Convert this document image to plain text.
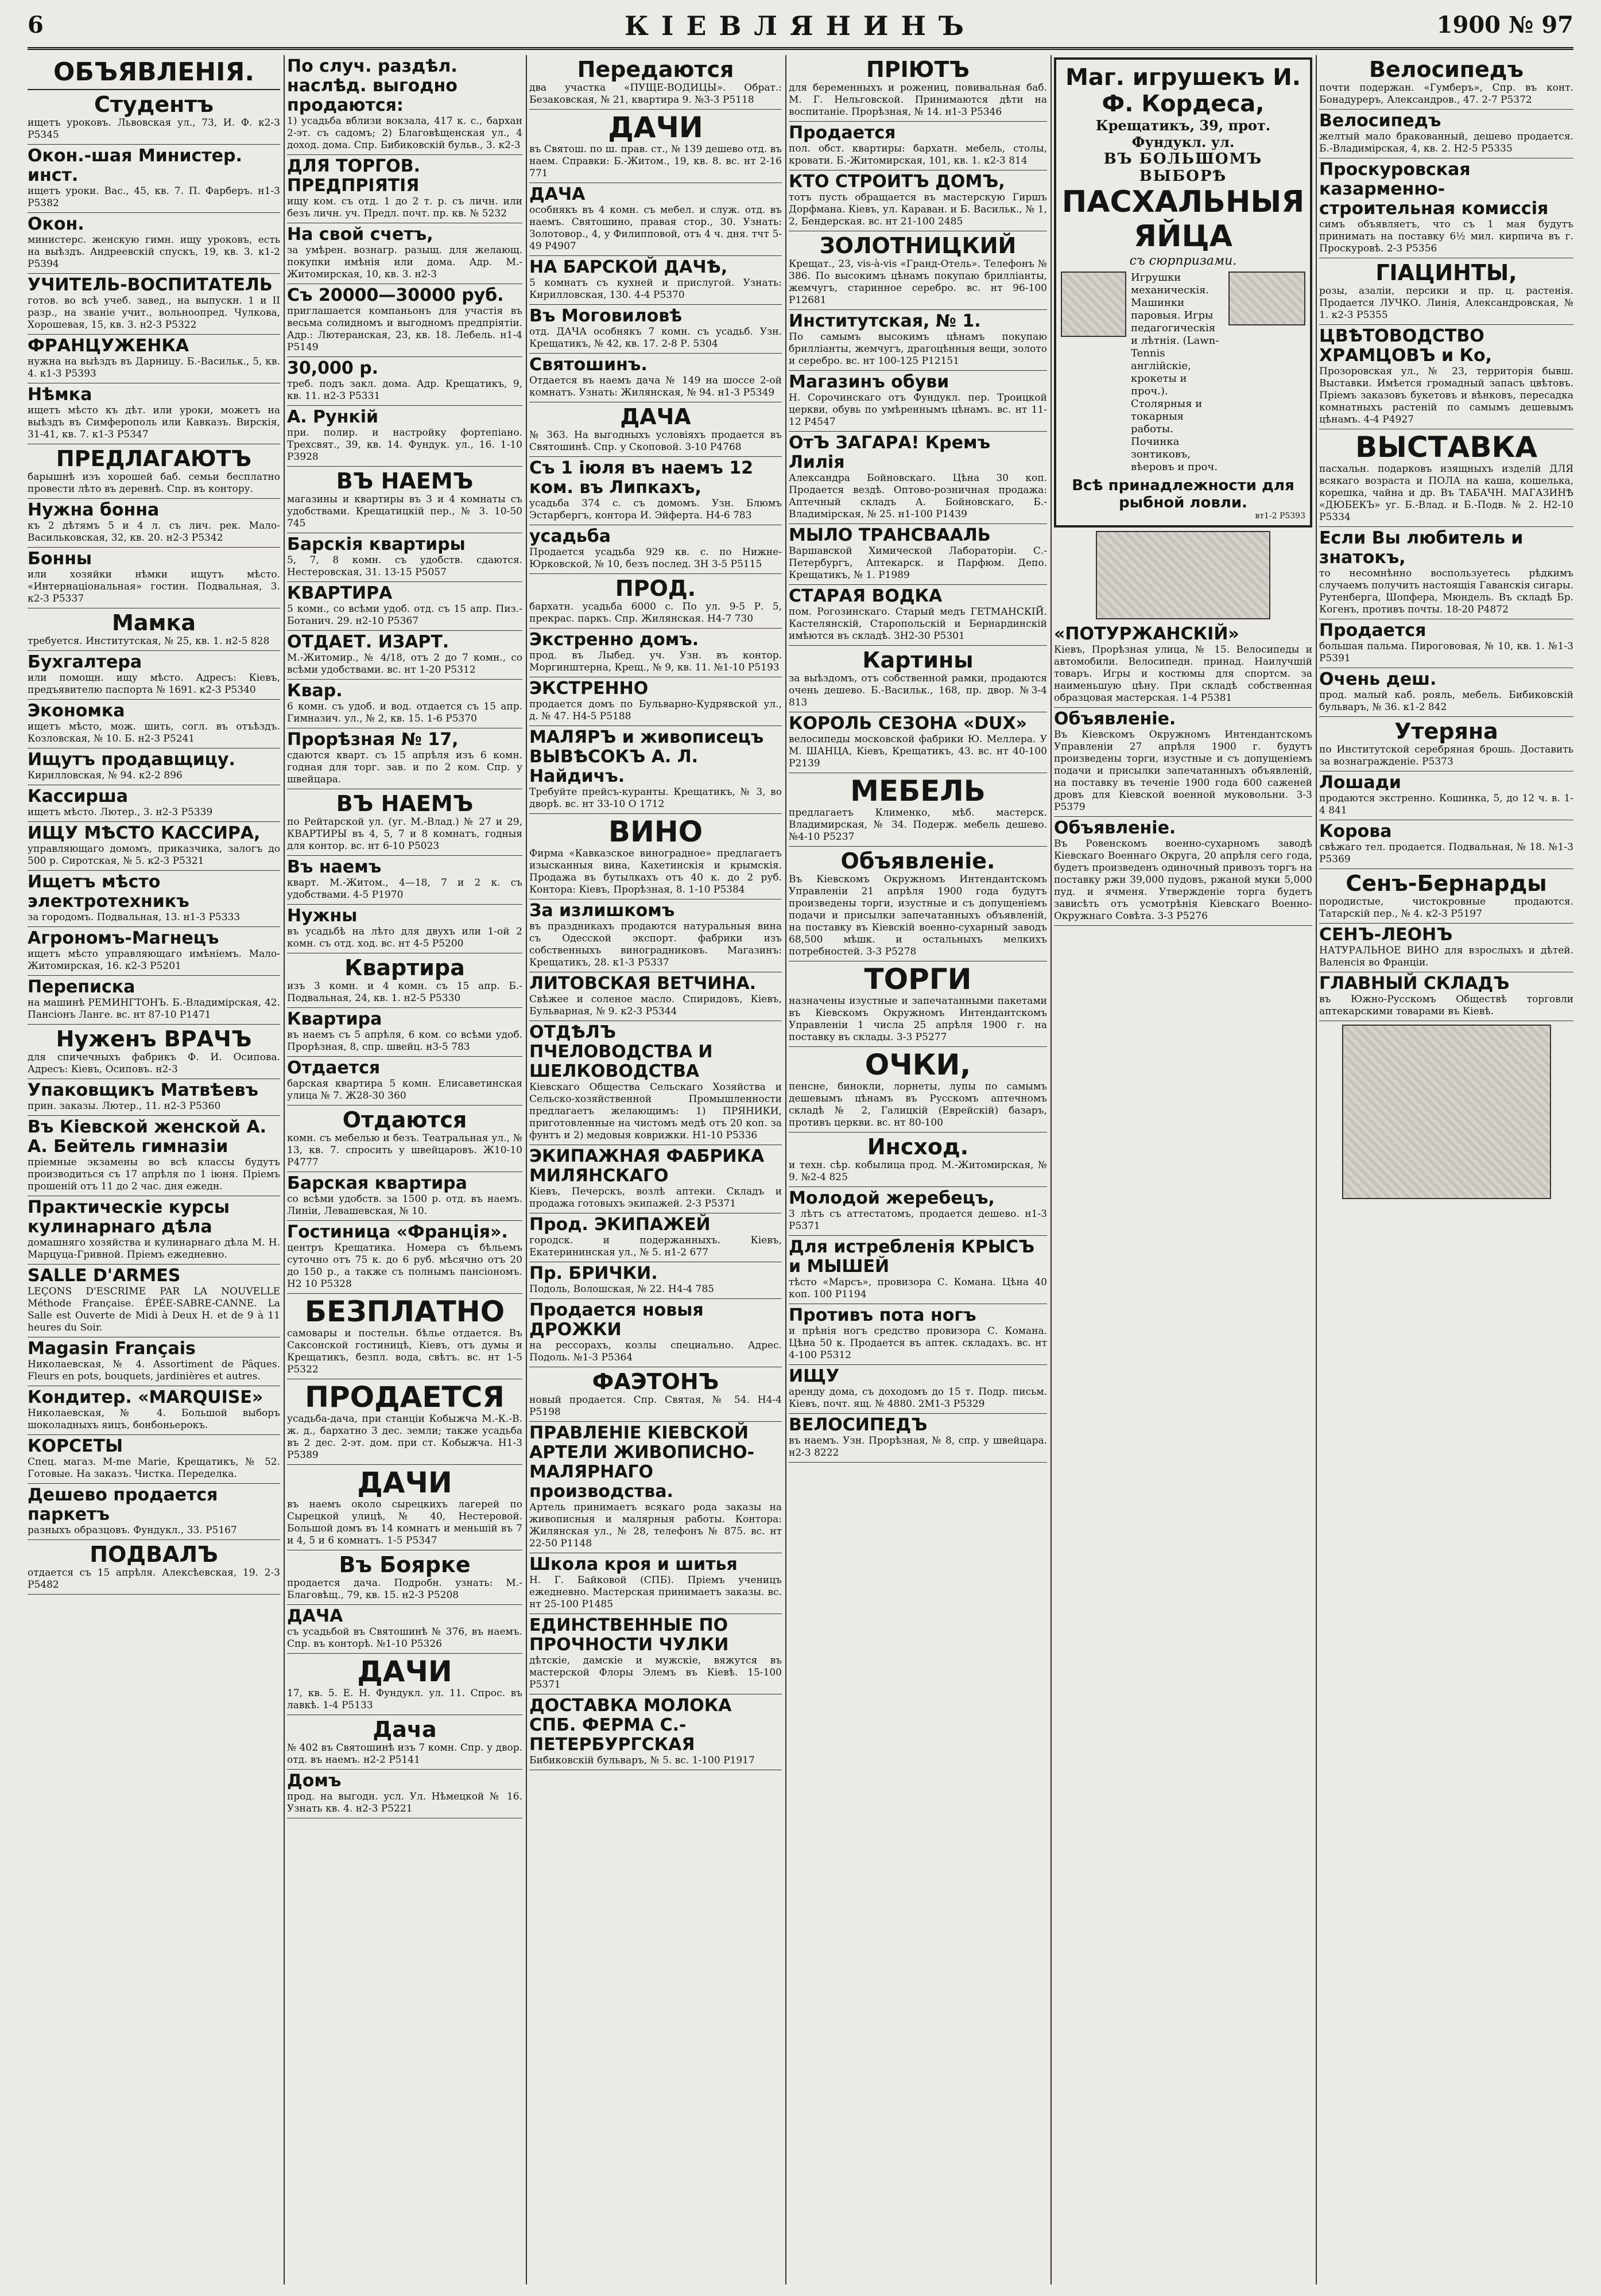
6	КІЕВЛЯНИНЪ	1900 № 97
ОБЪЯВЛЕНІЯ.
Студентъ

ищетъ уроковъ. Львовская ул., 73, И. Ф. к2-3 Р5345

Окон.-шая Министер. инст.

ищетъ уроки. Вас., 45, кв. 7. П. Фарберъ. н1-3 Р5382

Окон.

министерс. женскую гимн. ищу уроковъ, есть на выѣздъ. Андреевскій спускъ, 19, кв. 3. к1-2 Р5394

УЧИТЕЛЬ-ВОСПИТАТЕЛЬ

готов. во всѣ учеб. завед., на выпускн. 1 и II разр., на званіе учит., вольноопред. Чулкова, Хорошевая, 15, кв. 3. н2-3 Р5322

ФРАНЦУЖЕНКА

нужна на выѣздъ въ Дарницу. Б.-Васильк., 5, кв. 4. к1-3 Р5393

Нѣмка

ищетъ мѣсто къ дѣт. или уроки, можетъ на выѣздъ въ Симферополь или Кавказъ. Вирскія, 31-41, кв. 7. к1-3 Р5347

ПРЕДЛАГАЮТЪ

барышнѣ изъ хорошей баб. семьи бесплатно провести лѣто въ деревнѣ. Спр. въ контору.

Нужна бонна

къ 2 дѣтямъ 5 и 4 л. съ лич. рек. Мало-Васильковская, 32, кв. 20. н2-3 Р5342

Бонны

или хозяйки нѣмки ищутъ мѣсто. «Интернаціональная» гостин. Подвальная, 3. к2-3 Р5337

Мамка

требуется. Институтская, № 25, кв. 1. н2-5 828

Бухгалтера

или помощн. ищу мѣсто. Адресъ: Кіевъ, предъявителю паспорта № 1691. к2-3 Р5340

Экономка

ищетъ мѣсто, мож. шить, согл. въ отъѣздъ. Козловская, № 10. Б. н2-3 Р5241

Ищутъ продавщицу.

Кирилловская, № 94. к2-2 896

Кассирша

ищетъ мѣсто. Лютер., 3. н2-3 Р5339

ИЩУ МѢСТО КАССИРА,

управляющаго домомъ, приказчика, залогъ до 500 р. Сиротская, № 5. к2-3 Р5321

Ищетъ мѣсто электротехникъ

за городомъ. Подвальная, 13. н1-3 Р5333

Агрономъ-Магнецъ

ищетъ мѣсто управляющаго имѣніемъ. Мало-Житомирская, 16. к2-3 Р5201

Переписка

на машинѣ РЕМИНГТОНЪ. Б.-Владимірская, 42. Пансіонъ Ланге. вс. нт 87-10 Р1471

Нуженъ ВРАЧЪ

для спичечныхъ фабрикъ Ф. И. Осипова. Адресъ: Кіевъ, Осиповъ. н2-3

Упаковщикъ Матвѣевъ

прин. заказы. Лютер., 11. н2-3 Р5360

Въ Кіевской женской А. А. Бейтель гимназіи

пріемные экзамены во всѣ классы будутъ производиться съ 17 апрѣля по 1 іюня. Пріемъ прошеній отъ 11 до 2 час. дня ежедн.

Практическіе курсы кулинарнаго дѣла

домашняго хозяйства и кулинарнаго дѣла М. Н. Марцуца-Гривной. Пріемъ ежедневно.

SALLE D'ARMES

LEÇONS D'ESCRIME PAR LA NOUVELLE Méthode Française. ÉPÉE-SABRE-CANNE. La Salle est Ouverte de Midi à Deux H. et de 9 à 11 heures du Soir.

Magasin Français

Николаевская, № 4. Assortiment de Pâques. Fleurs en pots, bouquets, jardinières et autres.

Кондитер. «MARQUISE»

Николаевская, № 4. Большой выборъ шоколадныхъ яицъ, бонбоньерокъ.

КОРСЕТЫ

Спец. магаз. M-me Marie, Крещатикъ, № 52. Готовые. На заказъ. Чистка. Переделка.

Дешево продается паркетъ

разныхъ образцовъ. Фундукл., 33. Р5167

ПОДВАЛЪ

отдается съ 15 апрѣля. Алексѣевская, 19. 2-3 Р5482

По случ. раздѣл. наслѣд. выгодно продаются:

1) усадьба вблизи вокзала, 417 к. с., бархан 2-эт. съ садомъ; 2) Благовѣщенская ул., 4 доход. дома. Спр. Бибиковскій бульв., 3. к2-3

ДЛЯ ТОРГОВ. ПРЕДПРІЯТІЯ

ищу ком. съ отд. 1 до 2 т. р. съ личн. или безъ личн. уч. Предл. почт. пр. кв. № 5232

На свой счетъ,

за умѣрен. вознагр. разыщ. для желающ. покупки имѣнія или дома. Адр. М.-Житомирская, 10, кв. 3. н2-3

Съ 20000—30000 руб.

приглашается компаньонъ для участія въ весьма солидномъ и выгодномъ предпріятіи. Адр.: Лютеранская, 23, кв. 18. Лебель. н1-4 Р5149

30,000 р.

треб. подъ закл. дома. Адр. Крещатикъ, 9, кв. 11. н2-3 Р5331

А. Рункій

при. полир. и настройку фортепіано. Трехсвят., 39, кв. 14. Фундук. ул., 16. 1-10 Р3928

ВЪ НАЕМЪ

магазины и квартиры въ 3 и 4 комнаты съ удобствами. Крещатицкій пер., № 3. 10-50 745

Барскія квартиры

5, 7, 8 комн. съ удобств. сдаются. Нестеровская, 31. 13-15 Р5057

КВАРТИРА

5 комн., со всѣми удоб. отд. съ 15 апр. Пиз.-Ботанич. 29. н2-10 Р5367

ОТДАЕТ. ИЗАРТ.

М.-Житомир., № 4/18, отъ 2 до 7 комн., со всѣми удобствами. вс. нт 1-20 Р5312

Квар.

6 комн. съ удоб. и вод. отдается съ 15 апр. Гимназич. ул., № 2, кв. 15. 1-6 Р5370

Прорѣзная № 17,

сдаются кварт. съ 15 апрѣля изъ 6 комн. годная для торг. зав. и по 2 ком. Спр. у швейцара.

ВЪ НАЕМЪ

по Рейтарской ул. (уг. М.-Влад.) № 27 и 29, КВАРТИРЫ въ 4, 5, 7 и 8 комнатъ, годныя для контор. вс. нт 6-10 Р5023

Въ наемъ

кварт. М.-Житом., 4—18, 7 и 2 к. съ удобствами. 4-5 Р1970

Нужны

въ усадьбѣ на лѣто для двухъ или 1-ой 2 комн. съ отд. ход. вс. нт 4-5 Р5200

Квартира

изъ 3 комн. и 4 комн. съ 15 апр. Б.-Подвальная, 24, кв. 1. н2-5 Р5330

Квартира

въ наемъ съ 5 апрѣля, 6 ком. со всѣми удоб. Прорѣзная, 8, спр. швейц. н3-5 783

Отдается

барская квартира 5 комн. Елисаветинская улица № 7. Ж28-30 360

Отдаются

комн. съ мебелью и безъ. Театральная ул., № 13, кв. 7. спросить у швейцаровъ. Ж10-10 Р4777

Барская квартира

со всѣми удобств. за 1500 р. отд. въ наемъ. Линіи, Левашевская, № 10.

Гостиница «Франція».

центръ Крещатика. Номера съ бѣльемъ суточно отъ 75 к. до 6 руб. мѣсячно отъ 20 до 150 р., а также съ полнымъ пансіономъ. Н2 10 Р5328

БЕЗПЛАТНО

самовары и постельн. бѣлье отдается. Въ Саксонской гостиницѣ, Кіевъ, отъ думы и Крещатикъ, безпл. вода, свѣтъ. вс. нт 1-5 Р5322

ПРОДАЕТСЯ

усадьба-дача, при станціи Кобыжча М.-К.-В. ж. д., бархатно 3 дес. земли; также усадьба въ 2 дес. 2-эт. дом. при ст. Кобыжча. Н1-3 Р5389

ДАЧИ

въ наемъ около сырецкихъ лагерей по Сырецкой улицѣ, № 40, Нестеровой. Большой домъ въ 14 комнатъ и меньшій въ 7 и 4, 5 и 6 комнатъ. 1-5 Р5347

Въ Боярке

продается дача. Подробн. узнать: М.-Благовѣщ., 79, кв. 15. н2-3 Р5208

ДАЧА

съ усадьбой въ Святошинѣ № 376, въ наемъ. Спр. въ конторѣ. №1-10 Р5326

ДАЧИ

17, кв. 5. Е. Н. Фундукл. ул. 11. Спрос. въ лавкѣ. 1-4 Р5133

Дача

№ 402 въ Святошинѣ изъ 7 комн. Спр. у двор. отд. въ наемъ. н2-2 Р5141

Домъ

прод. на выгодн. усл. Ул. Нѣмецкой № 16. Узнать кв. 4. н2-3 Р5221

Передаются

два участка «ПУЩЕ-ВОДИЦЫ». Обрат.: Безаковская, № 21, квартира 9. №3-3 Р5118

ДАЧИ

въ Святош. по ш. прав. ст., № 139 дешево отд. въ наем. Справки: Б.-Житом., 19, кв. 8. вс. нт 2-16 771

ДАЧА

особнякъ въ 4 комн. съ мебел. и служ. отд. въ наемъ. Святошино, правая стор., 30. Узнать: Золотовор., 4, у Филипповой, отъ 4 ч. дня. тчт 5-49 Р4907

НА БАРСКОЙ ДАЧѢ,

5 комнатъ съ кухней и прислугой. Узнать: Кирилловская, 130. 4-4 Р5370

Въ Моговиловѣ

отд. ДАЧА особнякъ 7 комн. съ усадьб. Узн. Крещатикъ, № 42, кв. 17. 2-8 Р. 5304

Святошинъ.

Отдается въ наемъ дача № 149 на шоссе 2-ой комнатъ. Узнать: Жилянская, № 94. н1-3 Р5349

ДАЧА

№ 363. На выгодныхъ условіяхъ продается въ Святошинѣ. Спр. у Скоповой. 3-10 Р4768

Съ 1 іюля въ наемъ 12 ком. въ Липкахъ,

усадьба 374 с. съ домомъ. Узн. Блюмъ Эстарбергъ, контора И. Эйферта. Н4-6 783

усадьба

Продается усадьба 929 кв. с. по Нижне-Юрковской, № 10, безъ послед. ЗН 3-5 Р5115

ПРОД.

бархатн. усадьба 6000 с. По ул. 9-5 Р. 5, прекрас. паркъ. Спр. Жилянская. Н4-7 730

Экстренно домъ.

прод. въ Лыбед. уч. Узн. въ контор. Моргинштерна, Крещ., № 9, кв. 11. №1-10 Р5193

ЭКСТРЕННО

продается домъ по Бульварно-Кудрявской ул., д. № 47. Н4-5 Р5188

МАЛЯРЪ и живописецъ ВЫВѢСОКЪ А. Л. Найдичъ.

Требуйте прейсъ-куранты. Крещатикъ, № 3, во дворѣ. вс. нт 33-10 О 1712

ВИНО

Фирма «Кавказское виноградное» предлагаетъ изысканныя вина, Кахетинскія и крымскія. Продажа въ бутылкахъ отъ 40 к. до 2 руб. Контора: Кіевъ, Прорѣзная, 8. 1-10 Р5384

За излишкомъ

въ праздникахъ продаются натуральныя вина съ Одесской экспорт. фабрики изъ собственныхъ виноградниковъ. Магазинъ: Крещатикъ, 28. к1-3 Р5337

ЛИТОВСКАЯ ВЕТЧИНА.

Свѣжее и соленое масло. Спиридовъ, Кіевъ, Бульварная, № 9. к2-3 Р5344

ОТДѢЛЪ ПЧЕЛОВОДСТВА И ШЕЛКОВОДСТВА

Кіевскаго Общества Сельскаго Хозяйства и Сельско-хозяйственной Промышленности предлагаетъ желающимъ: 1) ПРЯНИКИ, приготовленные на чистомъ медѣ отъ 20 коп. за фунтъ и 2) медовыя коврижки. Н1-10 Р5336

ЭКИПАЖНАЯ ФАБРИКА МИЛЯНСКАГО

Кіевъ, Печерскъ, возлѣ аптеки. Складъ и продажа готовыхъ экипажей. 2-3 Р5371

Прод. ЭКИПАЖЕЙ

городск. и подержанныхъ. Кіевъ, Екатерининская ул., № 5. н1-2 677

Пр. БРИЧКИ.

Подоль, Волошская, № 22. Н4-4 785

Продается новыя ДРОЖКИ

на рессорахъ, козлы специально. Адрес. Подоль. №1-3 Р5364

ФАЭТОНЪ

новый продается. Спр. Святая, № 54. Н4-4 Р5198

ПРАВЛЕНІЕ КІЕВСКОЙ АРТЕЛИ ЖИВОПИСНО-МАЛЯРНАГО производства.

Артель принимаетъ всякаго рода заказы на живописныя и малярныя работы. Контора: Жилянская ул., № 28, телефонъ № 875. вс. нт 22-50 Р1148

Школа кроя и шитья

Н. Г. Байковой (СПБ). Пріемъ ученицъ ежедневно. Мастерская принимаетъ заказы. вс. нт 25-100 Р1485

ЕДИНСТВЕННЫЕ ПО ПРОЧНОСТИ ЧУЛКИ

дѣтскіе, дамскіе и мужскіе, вяжутся въ мастерской Флоры Элемъ въ Кіевѣ. 15-100 Р5371

ДОСТАВКА МОЛОКА СПБ. ФЕРМА С.-ПЕТЕРБУРГСКАЯ

Бибиковскій бульваръ, № 5. вс. 1-100 Р1917

ПРІЮТЪ

для беременныхъ и рожениц, повивальная баб. М. Г. Нельговской. Принимаются дѣти на воспитаніе. Прорѣзная, № 14. н1-3 Р5346

Продается

пол. обст. квартиры: бархатн. мебель, столы, кровати. Б.-Житомирская, 101, кв. 1. к2-3 814

КТО СТРОИТЪ ДОМЪ,

тотъ пусть обращается въ мастерскую Гиршъ Дорфмана. Кіевъ, ул. Караван. и Б. Васильк., № 1, 2, Бендерская. вс. нт 21-100 2485

ЗОЛОТНИЦКИЙ

Крещат., 23, vis-à-vis «Гранд-Отель». Телефонъ № 386. По высокимъ цѣнамъ покупаю брилліанты, жемчугъ, старинное серебро. вс. нт 96-100 Р12681

Институтская, № 1.

По самымъ высокимъ цѣнамъ покупаю брилліанты, жемчугъ, драгоцѣнныя вещи, золото и серебро. вс. нт 100-125 Р12151

Магазинъ обуви

Н. Сорочинскаго отъ Фундукл. пер. Троицкой церкви, обувь по умѣреннымъ цѣнамъ. вс. нт 11-12 Р4547

ОтЪ ЗАГАРА! Кремъ Лилія

Александра Бойновскаго. Цѣна 30 коп. Продается вездѣ. Оптово-розничная продажа: Аптечный складъ А. Бойновскаго, Б.-Владимірская, № 25. н1-100 Р1439

МЫЛО ТРАНСВААЛЬ

Варшавской Химической Лабораторіи. С.-Петербургъ, Аптекарск. и Парфюм. Депо. Крещатикъ, № 1. Р1989

СТАРАЯ ВОДКА

пом. Рогозинскаго. Старый медъ ГЕТМАНСКІЙ. Кастелянскій, Старопольскій и Бернардинскій имѣются въ складѣ. ЗН2-30 Р5301

Картины

за выѣздомъ, отъ собственной рамки, продаются очень дешево. Б.-Васильк., 168, пр. двор. №3-4 813

КОРОЛЬ СЕЗОНА «DUX»

велосипеды московской фабрики Ю. Меллера. У М. ШАНЦА, Кіевъ, Крещатикъ, 43. вс. нт 40-100 Р2139

МЕБЕЛЬ

предлагаетъ Клименко, мѣб. мастерск. Владимирская, № 34. Подерж. мебель дешево. №4-10 Р5237

Объявленіе.

Въ Кіевскомъ Окружномъ Интендантскомъ Управленіи 21 апрѣля 1900 года будутъ произведены торги, изустные и съ допущеніемъ подачи и присылки запечатанныхъ объявленій, на поставку въ Кіевскій военно-сухарный заводъ 68,500 мѣшк. и остальныхъ мелкихъ потребностей. 3-3 Р5278

ТОРГИ

назначены изустные и запечатанными пакетами въ Кіевскомъ Окружномъ Интендантскомъ Управленіи 1 числа 25 апрѣля 1900 г. на поставку въ склады. 3-3 Р5277

ОЧКИ,

пенсне, бинокли, лорнеты, лупы по самымъ дешевымъ цѣнамъ въ Русскомъ аптечномъ складѣ № 2, Галицкій (Еврейскій) базаръ, противъ церкви. вс. нт 80-100

Инсход.

и техн. сѣр. кобылица прод. М.-Житомирская, № 9. №2-4 825

Молодой жеребецъ,

3 лѣтъ съ аттестатомъ, продается дешево. н1-3 Р5371

Для истребленія КРЫСЪ и МЫШЕЙ

тѣсто «Марсъ», провизора С. Комана. Цѣна 40 коп. 100 Р1194

Противъ пота ногъ

и прѣнія ногъ средство провизора С. Комана. Цѣна 50 к. Продается въ аптек. складахъ. вс. нт 4-100 Р5312

ИЩУ

аренду дома, съ доходомъ до 15 т. Подр. письм. Кіевъ, почт. ящ. № 4880. 2М1-3 Р5329

ВЕЛОСИПЕДЪ

въ наемъ. Узн. Прорѣзная, № 8, спр. у швейцара. н2-3 8222

Маг. игрушекъ И. Ф. Кордеса,
Крещатикъ, 39, прот. Фундукл. ул.
ВЪ БОЛЬШОМЪ ВЫБОРѢ
ПАСХАЛЬНЫЯ ЯЙЦА
съ сюрпризами.

Игрушки механическія. Машинки паровыя. Игры педагогическія и лѣтнія. (Lawn-Tennis англійскіе, крокеты и проч.). Столярныя и токарныя работы. Починка зонтиковъ, вѣеровъ и проч.

Всѣ принадлежности для рыбной ловли.
вт1-2 Р5393
«ПОТУРЖАНСКІЙ»

Кіевъ, Прорѣзная улица, № 15. Велосипеды и автомобили. Велосипедн. принад. Наилучшій товаръ. Игры и костюмы для спортсм. за наименьшую цѣну. При складѣ собственная образцовая мастерская. 1-4 Р5381

Объявленіе.

Въ Кіевскомъ Окружномъ Интендантскомъ Управленіи 27 апрѣля 1900 г. будутъ произведены торги, изустные и съ допущеніемъ подачи и присылки запечатанныхъ объявленій, на поставку въ теченіе 1900 года 600 саженей дровъ для Кіевской военной муковольни. 3-3 Р5379

Объявленіе.

Въ Ровенскомъ военно-сухарномъ заводѣ Кіевскаго Военнаго Округа, 20 апрѣля сего года, будетъ произведенъ одиночный привозъ торгъ на поставку ржи 39,000 пудовъ, ржаной муки 5,000 пуд. и ячменя. Утвержденіе торга будетъ зависѣть отъ усмотрѣнія Кіевскаго Военно-Окружнаго Совѣта. 3-3 Р5276

Велосипедъ

почти подержан. «Гумберъ», Спр. въ конт. Бонадуреръ, Александров., 47. 2-7 Р5372

Велосипедъ

желтый мало бракованный, дешево продается. Б.-Владимірская, 4, кв. 2. Н2-5 Р5335

Проскуровская казарменно-строительная комиссія

симъ объявляетъ, что съ 1 мая будутъ принимать на поставку 6½ мил. кирпича въ г. Проскуровѣ. 2-3 Р5356

ГІАЦИНТЫ,

розы, азаліи, персики и пр. ц. растенія. Продается ЛУЧКО. Линія, Александровская, № 1. к2-3 Р5355

ЦВѢТОВОДСТВО ХРАМЦОВЪ и Ко,

Прозоровская ул., № 23, территорія бывш. Выставки. Имѣется громадный запасъ цвѣтовъ. Пріемъ заказовъ букетовъ и вѣнковъ, пересадка комнатныхъ растеній по самымъ дешевымъ цѣнамъ. 4-4 Р4927

ВЫСТАВКА

пасхальн. подарковъ изящныхъ изделій ДЛЯ всякаго возраста и ПОЛА на каша, кошелька, корешка, чайна и др. Въ ТАБАЧН. МАГАЗИНѢ «ДЮБЕКЪ» уг. Б.-Влад. и Б.-Подв. № 2. Н2-10 Р5334

Если Вы любитель и знатокъ,

то несомнѣнно воспользуетесь рѣдкимъ случаемъ получить настоящія Гаванскія сигары. Рутенберга, Шопфера, Мюндель. Въ складѣ Бр. Когенъ, противъ почты. 18-20 Р4872

Продается

большая пальма. Пирогововая, № 10, кв. 1. №1-3 Р5391

Очень деш.

прод. малый каб. рояль, мебель. Бибиковскій бульваръ, № 36. к1-2 842

Утеряна

по Институтской серебряная брошь. Доставить за вознагражденіе. Р5373

Лошади

продаются экстренно. Кошинка, 5, до 12 ч. в. 1-4 841

Корова

свѣжаго тел. продается. Подвальная, № 18. №1-3 Р5369

Сенъ-Бернарды

породистые, чистокровные продаются. Татарскій пер., № 4. к2-3 Р5197

СЕНЪ-ЛЕОНЪ

НАТУРАЛЬНОЕ ВИНО для взрослыхъ и дѣтей. Валенсія во Франціи.

ГЛАВНЫЙ СКЛАДЪ

въ Южно-Русскомъ Обществѣ торговли аптекарскими товарами въ Кіевѣ.
